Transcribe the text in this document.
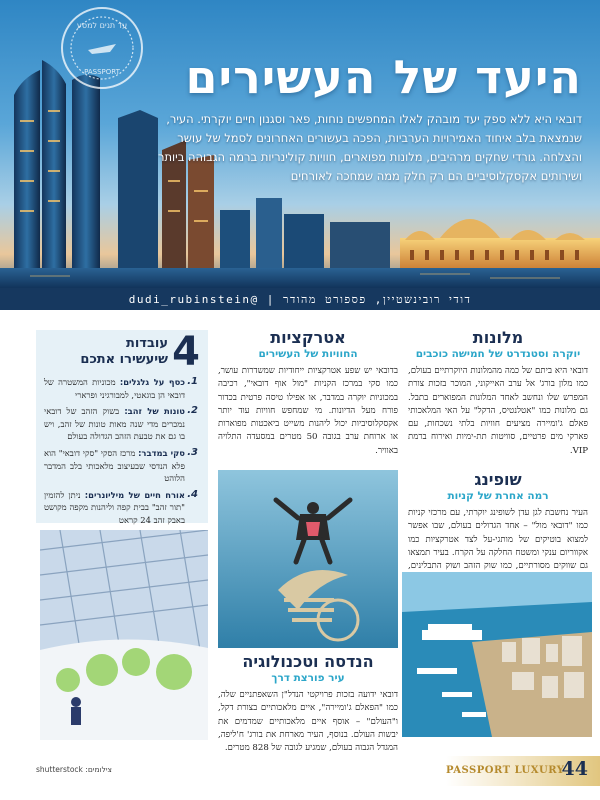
עד תנים למסע
PASSPORT היעד של העשירים
דובאי היא ללא ספק יעד מובהק לאלו המחפשים נוחות, פאר וסגנון חיים יוקרתי. העיר, שנמצאת בלב איחוד האמירויות הערביות, הפכה בעשורים האחרונים לסמל של עושר והצלחה. גורדי שחקים מרהיבים, מלונות מפוארים, חוויות קולינריות ברמה הגבוהה ביותר ושירותים אקסקלוסיביים הם רק חלק ממה שמחכה לאורחים
דודי רובינשטיין, פספורט מהודר | @dudi_rubinstein
מלונות
יוקרה וסטנדרט של חמישה כוכבים
דובאי היא ביתם של כמה מהמלונות היוקרתיים בעולם, כמו מלון בורג' אל ערב האייקוני, המוכר בזכות צורת המפרש שלו ונחשב לאחד המלונות המפוארים בתבל. גם מלונות כמו "אטלנטיס, הדקל" על האי המלאכותי פאלם ג'ומיירה מציעים חוויות בלתי נשכחות, עם פארקי מים פרטיים, סוויטות תת-ימיות ואירוח ברמת VIP.
שופינג
רמה אחרת של קניות
העיר נחשבת לגן עדן לשופינג יוקרתי, עם מרכזי קניות כמו "דובאי מול" – אחד הגדולים בעולם, שבו אפשר למצוא בוטיקים של מותגי-על לצד אטרקציות כמו אקווריום ענקי ומשטח החלקה על הקרח. בעיר תמצאו גם שווקים מסורתיים, כמו שוק הזהב ושוק התבלינים,
אטרקציות
החוויות של העשירים
בדובאי יש שפע אטרקציות ייחודיות שמשדרות עושר, כמו סקי במרכז הקניות "מול אוף דובאי", רכיבה במכוניות יוקרה במדבר, או אפילו טיסה פרטית בכדור פורח מעל הדיונות. מי שמחפש חוויות עוד יותר אקסקלוסיביות יכול ליהנות משייט ביאכטות מפוארות או ארוחת ערב בגובה 50 מטרים במסעדה התלויה באוויר.
הנדסה וטכנולוגיה
עיר פורצת דרך
דובאי ידועה בזכות פרויקטי הנדל"ן השאפתניים שלה, כמו "הפאלם ג'ומיירה", איים מלאכותיים בצורת דקל, ו"העולם" – אוסף איים מלאכותיים שמדמים את יבשות העולם. בנוסף, העיר מארחת את בורג' ח'ליפה, המגדל הגבוה בעולם, שמגיע לגובה של 828 מטרים.
4
עובדות
שיעשירו אתכם
1.
כסף על גלגלים: מכוניות המשטרה של דובאי הן בוגאטי, למבורגיני ופרארי
2.
טונות של זהב: בשוק הזהב של דובאי נמכרים מדי שנה מאות טונות של זהב, ויש בו גם את טבעת הזהב הגדולה בעולם
3.
סקי במדבר: מרכז הסקי "סקי דובאי" הוא פלא הנדסי שבעיצוב מלאכותי בלב המדבר הלוהט
4.
אורח חיים של מיליונרים: ניתן להזמין "תור זהב" בבית קפה וליהנות מקפה מקושט באבק זהב 24 קראט
צילומים: shutterstock	PASSPORT LUXURY
44
